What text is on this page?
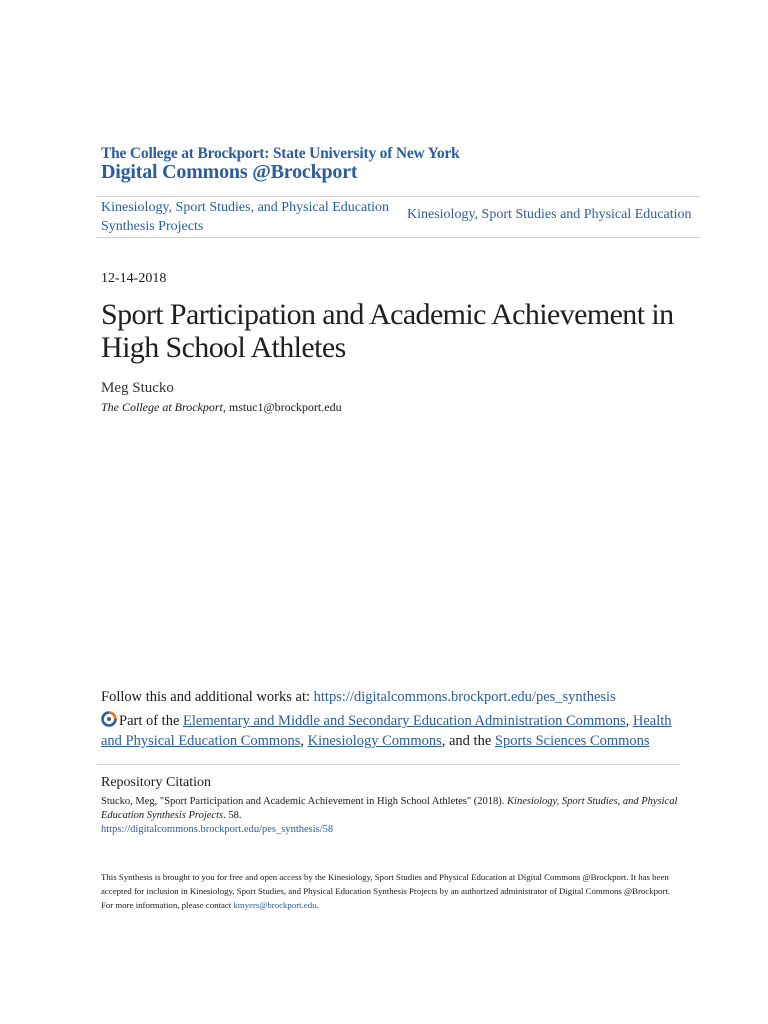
The College at Brockport: State University of New York
Digital Commons @Brockport
Kinesiology, Sport Studies, and Physical Education Synthesis Projects
Kinesiology, Sport Studies and Physical Education
12-14-2018
Sport Participation and Academic Achievement in High School Athletes
Meg Stucko
The College at Brockport, mstuc1@brockport.edu
Follow this and additional works at: https://digitalcommons.brockport.edu/pes_synthesis
Part of the Elementary and Middle and Secondary Education Administration Commons, Health and Physical Education Commons, Kinesiology Commons, and the Sports Sciences Commons
Repository Citation
Stucko, Meg, "Sport Participation and Academic Achievement in High School Athletes" (2018). Kinesiology, Sport Studies, and Physical Education Synthesis Projects. 58.
https://digitalcommons.brockport.edu/pes_synthesis/58
This Synthesis is brought to you for free and open access by the Kinesiology, Sport Studies and Physical Education at Digital Commons @Brockport. It has been accepted for inclusion in Kinesiology, Sport Studies, and Physical Education Synthesis Projects by an authorized administrator of Digital Commons @Brockport. For more information, please contact kmyers@brockport.edu.
